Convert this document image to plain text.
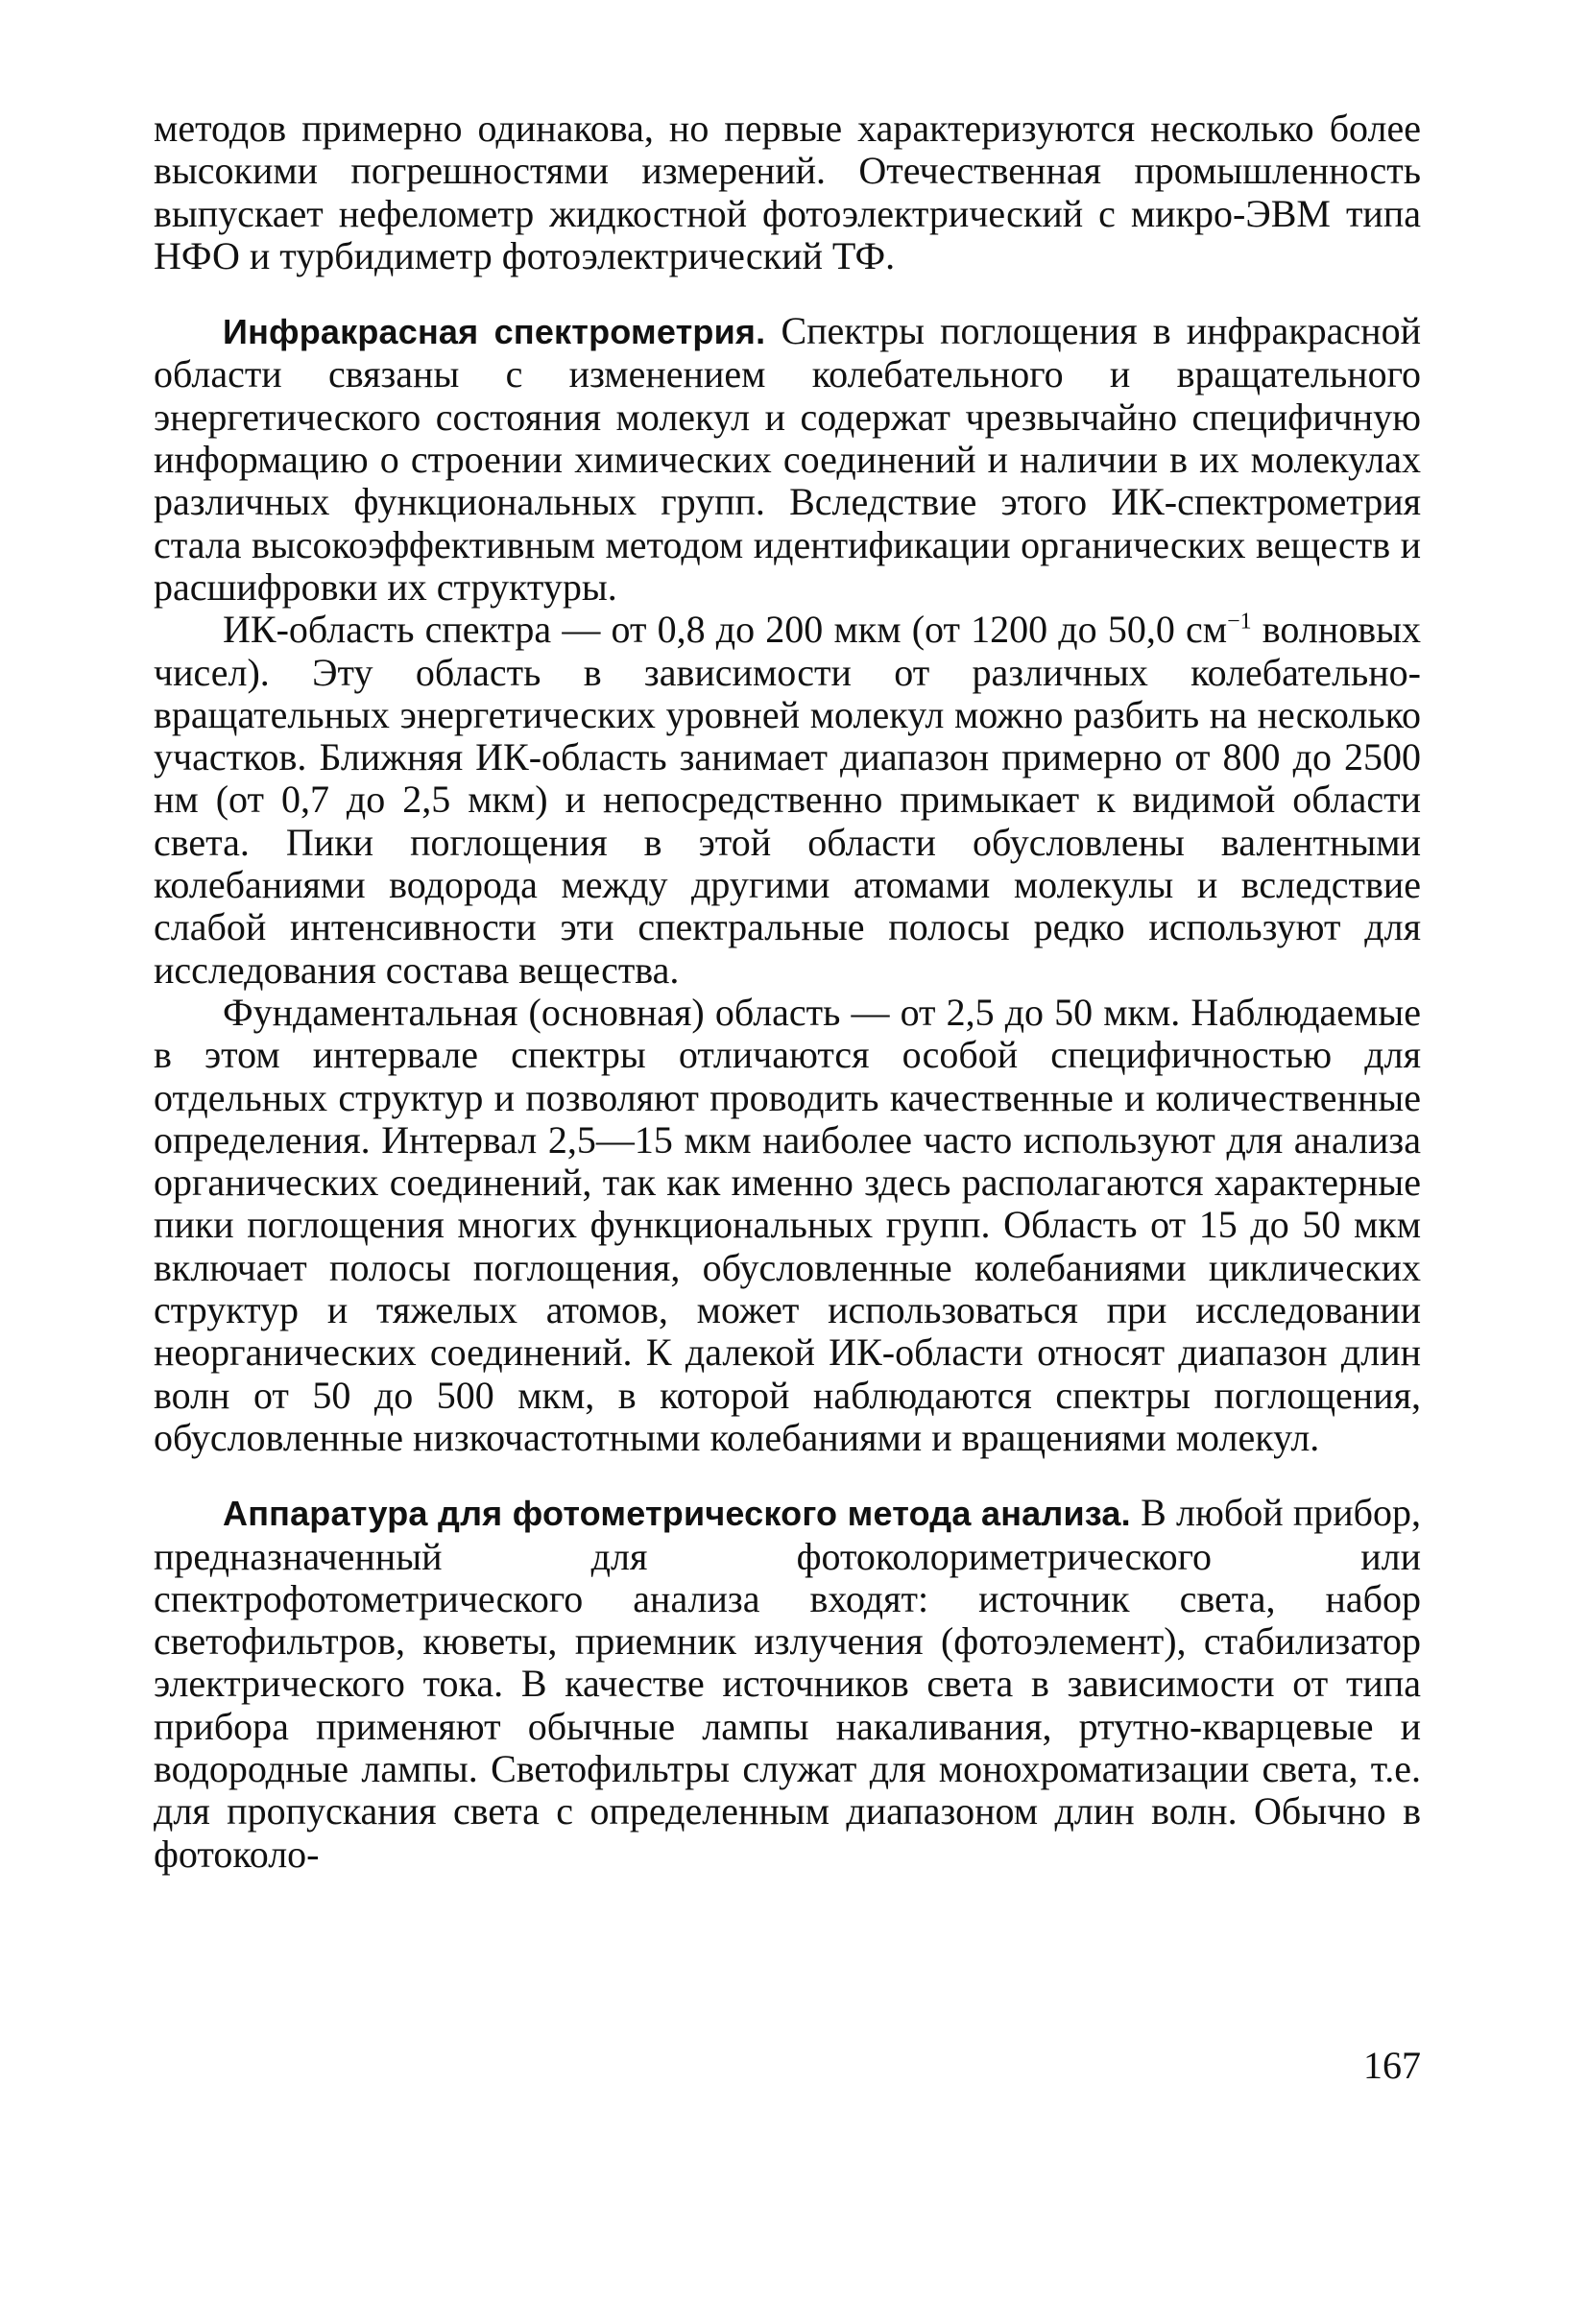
методов примерно одинакова, но первые характеризуются несколько более высокими погрешностями измерений. Отечественная промышленность выпускает нефелометр жидкостной фотоэлектрический с микро-ЭВМ типа НФО и турбидиметр фотоэлектрический ТФ.

Инфракрасная спектрометрия. Спектры поглощения в инфракрасной области связаны с изменением колебательного и вращательного энергетического состояния молекул и содержат чрезвычайно специфичную информацию о строении химических соединений и наличии в их молекулах различных функциональных групп. Вследствие этого ИК-спектрометрия стала высокоэффективным методом идентификации органических веществ и расшифровки их структуры.

ИК-область спектра — от 0,8 до 200 мкм (от 1200 до 50,0 $см^{-1}$ волновых чисел). Эту область в зависимости от различных колебательно-вращательных энергетических уровней молекул можно разбить на несколько участков. Ближняя ИК-область занимает диапазон примерно от 800 до 2500 нм (от 0,7 до 2,5 мкм) и непосредственно примыкает к видимой области света. Пики поглощения в этой области обусловлены валентными колебаниями водорода между другими атомами молекулы и вследствие слабой интенсивности эти спектральные полосы редко используют для исследования состава вещества.

Фундаментальная (основная) область — от 2,5 до 50 мкм. Наблюдаемые в этом интервале спектры отличаются особой специфичностью для отдельных структур и позволяют проводить качественные и количественные определения. Интервал 2,5—15 мкм наиболее часто используют для анализа органических соединений, так как именно здесь располагаются характерные пики поглощения многих функциональных групп. Область от 15 до 50 мкм включает полосы поглощения, обусловленные колебаниями циклических структур и тяжелых атомов, может использоваться при исследовании неорганических соединений. К далекой ИК-области относят диапазон длин волн от 50 до 500 мкм, в которой наблюдаются спектры поглощения, обусловленные низкочастотными колебаниями и вращениями молекул.

Аппаратура для фотометрического метода анализа. В любой прибор, предназначенный для фотоколориметрического или спектрофотометрического анализа входят: источник света, набор светофильтров, кюветы, приемник излучения (фотоэлемент), стабилизатор электрического тока. В качестве источников света в зависимости от типа прибора применяют обычные лампы накаливания, ртутно-кварцевые и водородные лампы. Светофильтры служат для монохроматизации света, т.е. для пропускания света с определенным диапазоном длин волн. Обычно в фотоколо-

167
